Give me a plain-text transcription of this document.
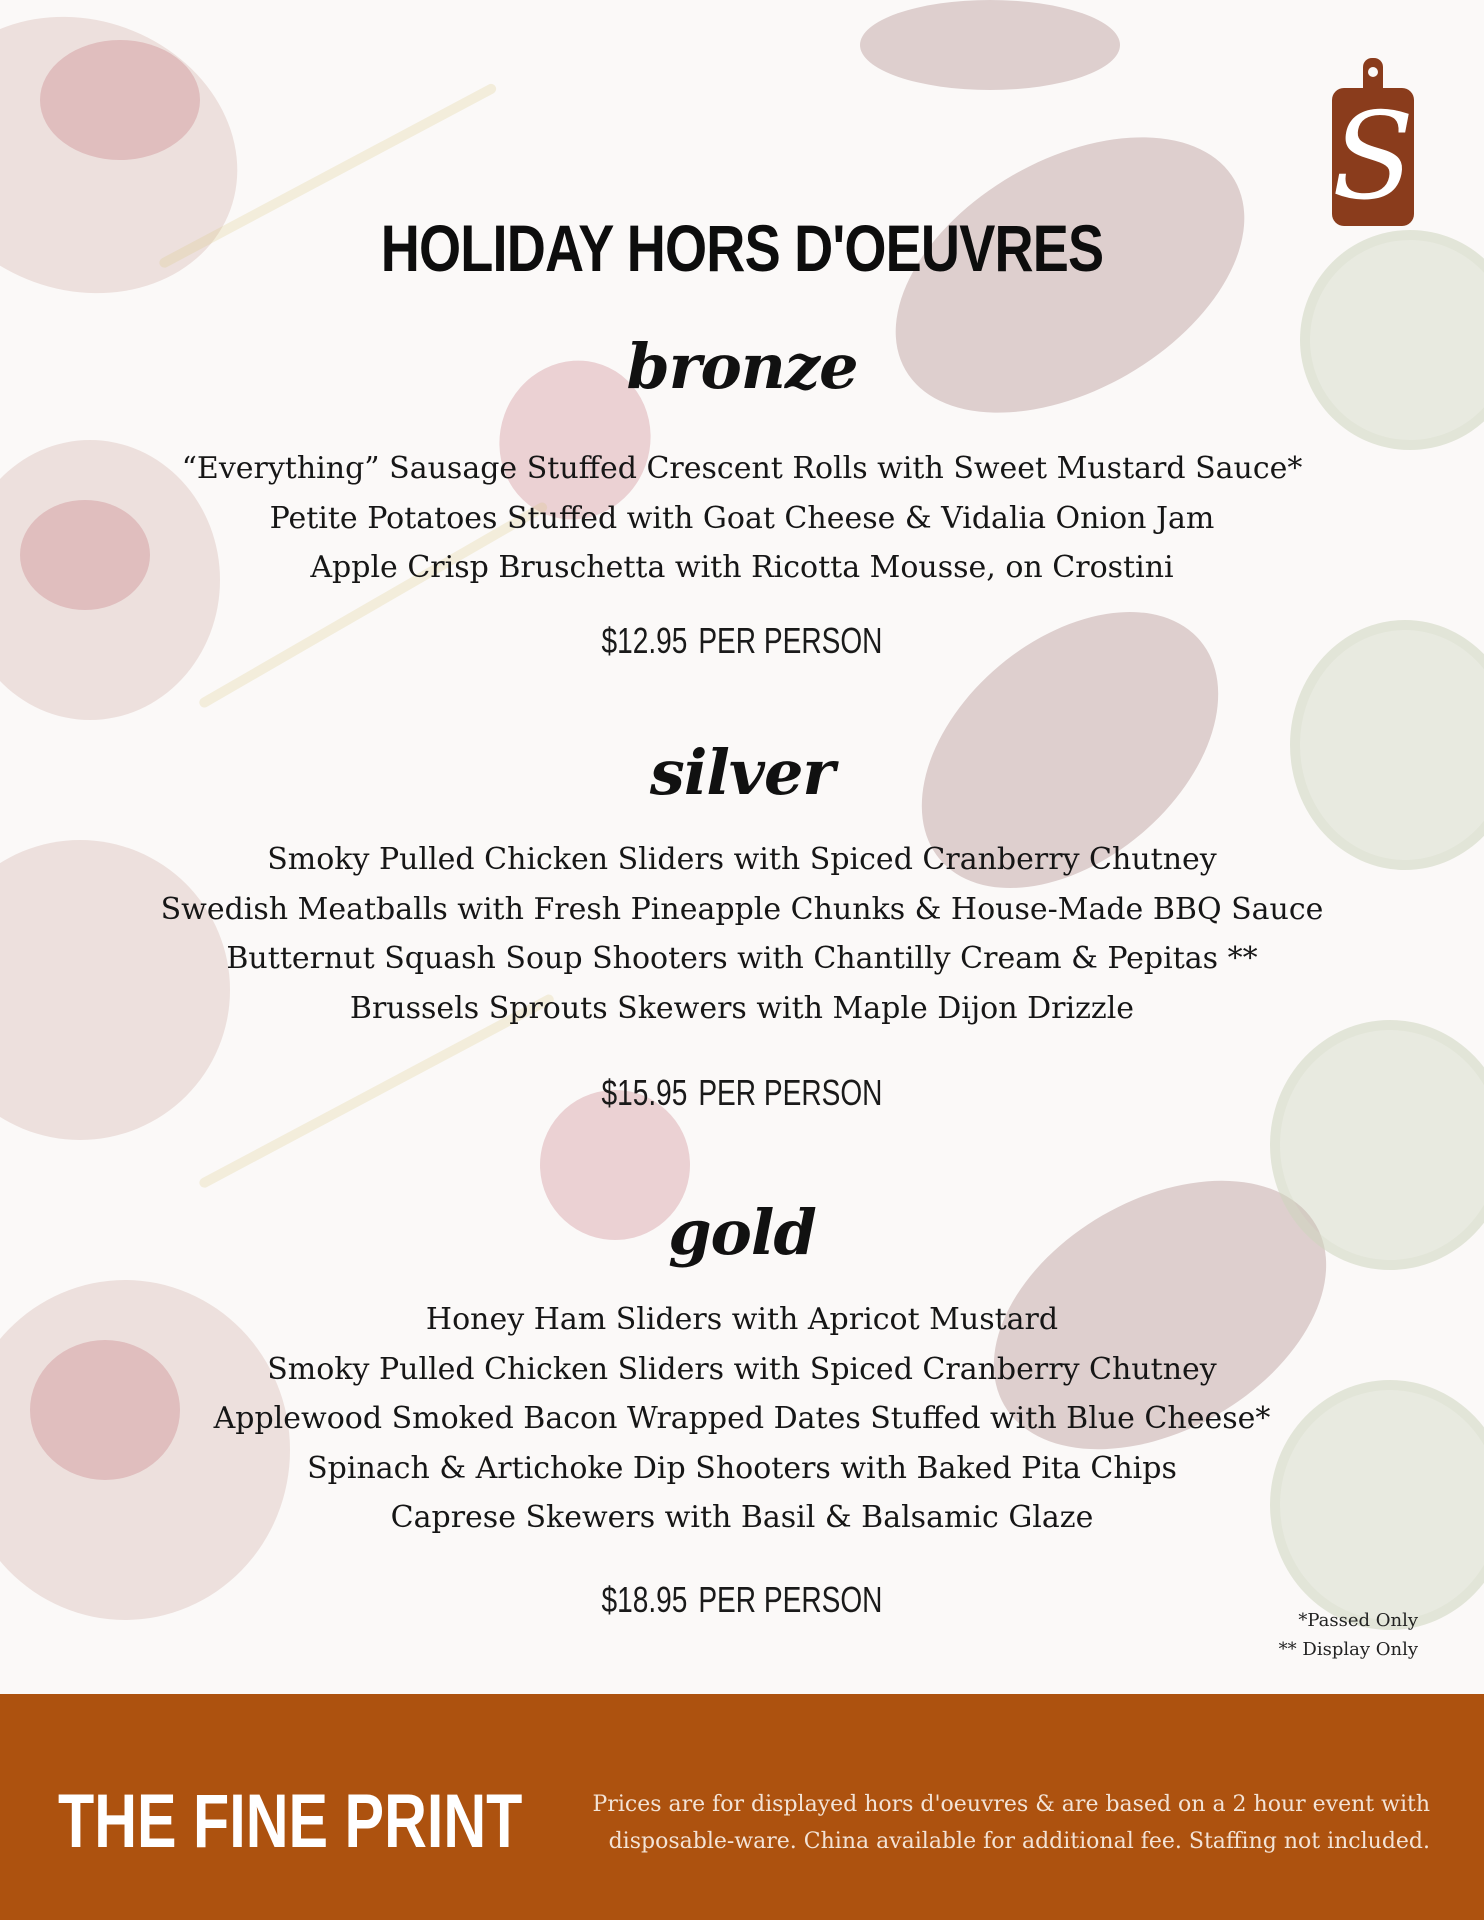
S
HOLIDAY HORS D'OEUVRES
bronze
“Everything” Sausage Stuffed Crescent Rolls with Sweet Mustard Sauce*
Petite Potatoes Stuffed with Goat Cheese & Vidalia Onion Jam
Apple Crisp Bruschetta with Ricotta Mousse, on Crostini
$12.95 PER PERSON
silver
Smoky Pulled Chicken Sliders with Spiced Cranberry Chutney
Swedish Meatballs with Fresh Pineapple Chunks & House-Made BBQ Sauce
Butternut Squash Soup Shooters with Chantilly Cream & Pepitas **
Brussels Sprouts Skewers with Maple Dijon Drizzle
$15.95 PER PERSON
gold
Honey Ham Sliders with Apricot Mustard
Smoky Pulled Chicken Sliders with Spiced Cranberry Chutney
Applewood Smoked Bacon Wrapped Dates Stuffed with Blue Cheese*
Spinach & Artichoke Dip Shooters with Baked Pita Chips
Caprese Skewers with Basil & Balsamic Glaze
$18.95 PER PERSON
*Passed Only
** Display Only
THE FINE PRINT	Prices are for displayed hors d'oeuvres & are based on a 2 hour event with disposable-ware. China available for additional fee. Staffing not included.
